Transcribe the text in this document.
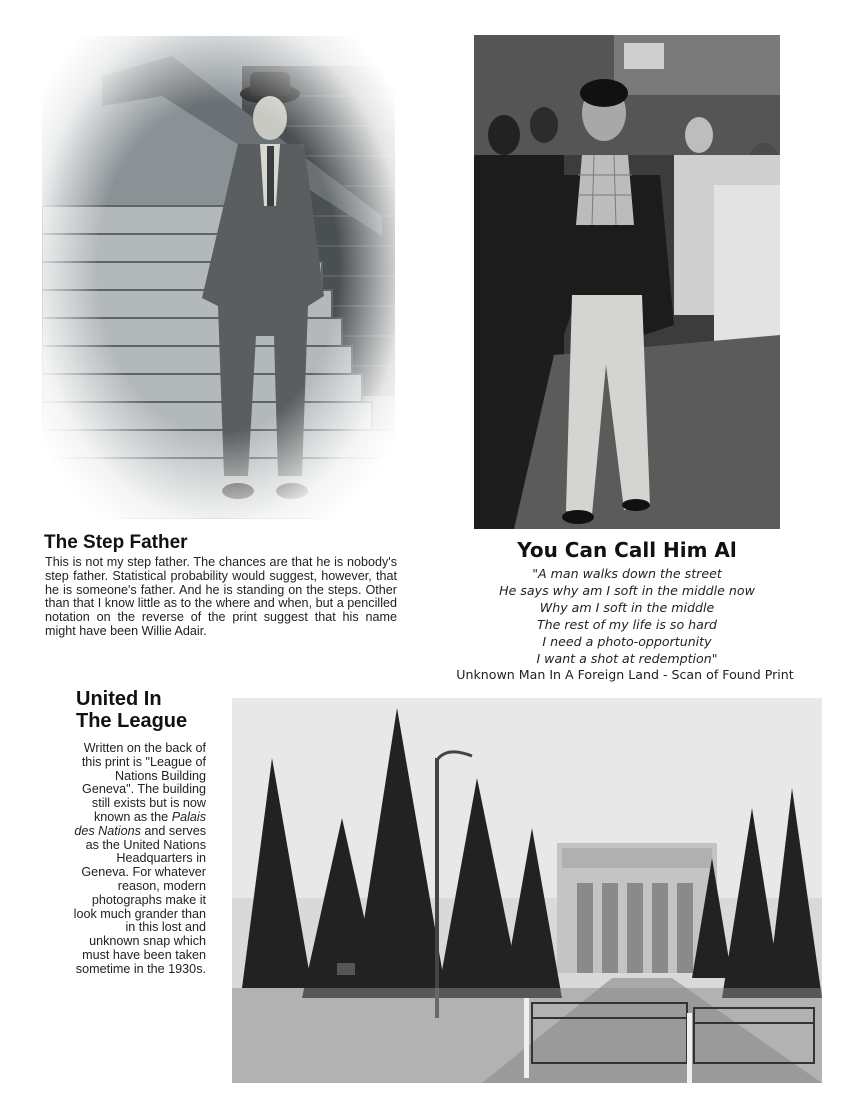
The Step Father

This is not my step father. The chances are that he is nobody's step father. Statistical probability would suggest, however, that he is someone's father. And he is standing on the steps. Other than that I know little as to the where and when, but a pencilled notation on the reverse of the print suggest that his name might have been Willie Adair.

You Can Call Him Al

"A man walks down the street
He says why am I soft in the middle now
Why am I soft in the middle
The rest of my life is so hard
I need a photo-opportunity
I want a shot at redemption"

Unknown Man In A Foreign Land - Scan of Found Print

United In
The League

Written on the back of this print is "League of Nations Building Geneva". The building still exists but is now known as the Palais des Nations and serves as the United Nations Headquarters in Geneva. For whatever reason, modern photographs make it look much grander than in this lost and unknown snap which must have been taken sometime in the 1930s.
